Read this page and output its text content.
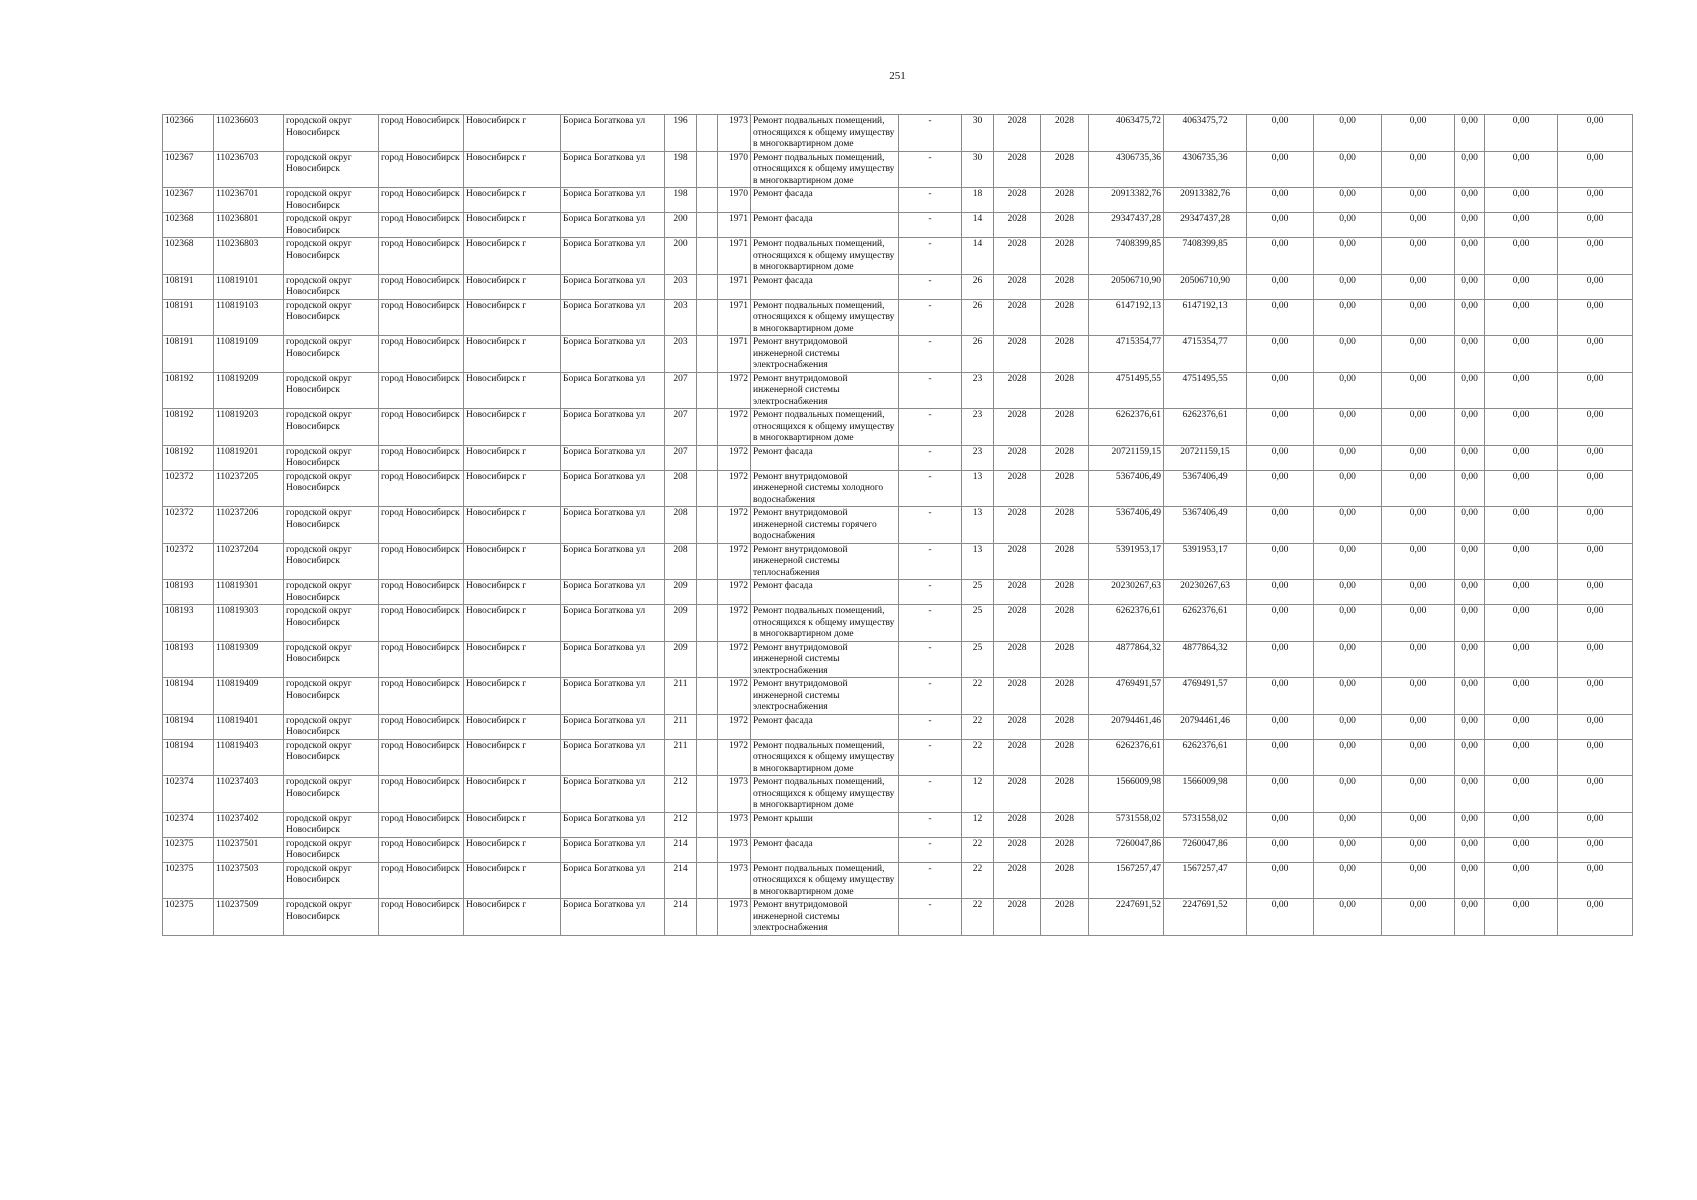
251
102366	110236603	городской округ Новосибирск	город Новосибирск	Новосибирск г	Бориса Богаткова ул	196		1973	Ремонт подвальных помещений, относящихся к общему имуществу в многоквартирном доме	-	30	2028	2028	4063475,72	4063475,72	0,00	0,00	0,00	0,00	0,00	0,00
102367	110236703	городской округ Новосибирск	город Новосибирск	Новосибирск г	Бориса Богаткова ул	198		1970	Ремонт подвальных помещений, относящихся к общему имуществу в многоквартирном доме	-	30	2028	2028	4306735,36	4306735,36	0,00	0,00	0,00	0,00	0,00	0,00
102367	110236701	городской округ Новосибирск	город Новосибирск	Новосибирск г	Бориса Богаткова ул	198		1970	Ремонт фасада	-	18	2028	2028	20913382,76	20913382,76	0,00	0,00	0,00	0,00	0,00	0,00
102368	110236801	городской округ Новосибирск	город Новосибирск	Новосибирск г	Бориса Богаткова ул	200		1971	Ремонт фасада	-	14	2028	2028	29347437,28	29347437,28	0,00	0,00	0,00	0,00	0,00	0,00
102368	110236803	городской округ Новосибирск	город Новосибирск	Новосибирск г	Бориса Богаткова ул	200		1971	Ремонт подвальных помещений, относящихся к общему имуществу в многоквартирном доме	-	14	2028	2028	7408399,85	7408399,85	0,00	0,00	0,00	0,00	0,00	0,00
108191	110819101	городской округ Новосибирск	город Новосибирск	Новосибирск г	Бориса Богаткова ул	203		1971	Ремонт фасада	-	26	2028	2028	20506710,90	20506710,90	0,00	0,00	0,00	0,00	0,00	0,00
108191	110819103	городской округ Новосибирск	город Новосибирск	Новосибирск г	Бориса Богаткова ул	203		1971	Ремонт подвальных помещений, относящихся к общему имуществу в многоквартирном доме	-	26	2028	2028	6147192,13	6147192,13	0,00	0,00	0,00	0,00	0,00	0,00
108191	110819109	городской округ Новосибирск	город Новосибирск	Новосибирск г	Бориса Богаткова ул	203		1971	Ремонт внутридомовой инженерной системы электроснабжения	-	26	2028	2028	4715354,77	4715354,77	0,00	0,00	0,00	0,00	0,00	0,00
108192	110819209	городской округ Новосибирск	город Новосибирск	Новосибирск г	Бориса Богаткова ул	207		1972	Ремонт внутридомовой инженерной системы электроснабжения	-	23	2028	2028	4751495,55	4751495,55	0,00	0,00	0,00	0,00	0,00	0,00
108192	110819203	городской округ Новосибирск	город Новосибирск	Новосибирск г	Бориса Богаткова ул	207		1972	Ремонт подвальных помещений, относящихся к общему имуществу в многоквартирном доме	-	23	2028	2028	6262376,61	6262376,61	0,00	0,00	0,00	0,00	0,00	0,00
108192	110819201	городской округ Новосибирск	город Новосибирск	Новосибирск г	Бориса Богаткова ул	207		1972	Ремонт фасада	-	23	2028	2028	20721159,15	20721159,15	0,00	0,00	0,00	0,00	0,00	0,00
102372	110237205	городской округ Новосибирск	город Новосибирск	Новосибирск г	Бориса Богаткова ул	208		1972	Ремонт внутридомовой инженерной системы холодного водоснабжения	-	13	2028	2028	5367406,49	5367406,49	0,00	0,00	0,00	0,00	0,00	0,00
102372	110237206	городской округ Новосибирск	город Новосибирск	Новосибирск г	Бориса Богаткова ул	208		1972	Ремонт внутридомовой инженерной системы горячего водоснабжения	-	13	2028	2028	5367406,49	5367406,49	0,00	0,00	0,00	0,00	0,00	0,00
102372	110237204	городской округ Новосибирск	город Новосибирск	Новосибирск г	Бориса Богаткова ул	208		1972	Ремонт внутридомовой инженерной системы теплоснабжения	-	13	2028	2028	5391953,17	5391953,17	0,00	0,00	0,00	0,00	0,00	0,00
108193	110819301	городской округ Новосибирск	город Новосибирск	Новосибирск г	Бориса Богаткова ул	209		1972	Ремонт фасада	-	25	2028	2028	20230267,63	20230267,63	0,00	0,00	0,00	0,00	0,00	0,00
108193	110819303	городской округ Новосибирск	город Новосибирск	Новосибирск г	Бориса Богаткова ул	209		1972	Ремонт подвальных помещений, относящихся к общему имуществу в многоквартирном доме	-	25	2028	2028	6262376,61	6262376,61	0,00	0,00	0,00	0,00	0,00	0,00
108193	110819309	городской округ Новосибирск	город Новосибирск	Новосибирск г	Бориса Богаткова ул	209		1972	Ремонт внутридомовой инженерной системы электроснабжения	-	25	2028	2028	4877864,32	4877864,32	0,00	0,00	0,00	0,00	0,00	0,00
108194	110819409	городской округ Новосибирск	город Новосибирск	Новосибирск г	Бориса Богаткова ул	211		1972	Ремонт внутридомовой инженерной системы электроснабжения	-	22	2028	2028	4769491,57	4769491,57	0,00	0,00	0,00	0,00	0,00	0,00
108194	110819401	городской округ Новосибирск	город Новосибирск	Новосибирск г	Бориса Богаткова ул	211		1972	Ремонт фасада	-	22	2028	2028	20794461,46	20794461,46	0,00	0,00	0,00	0,00	0,00	0,00
108194	110819403	городской округ Новосибирск	город Новосибирск	Новосибирск г	Бориса Богаткова ул	211		1972	Ремонт подвальных помещений, относящихся к общему имуществу в многоквартирном доме	-	22	2028	2028	6262376,61	6262376,61	0,00	0,00	0,00	0,00	0,00	0,00
102374	110237403	городской округ Новосибирск	город Новосибирск	Новосибирск г	Бориса Богаткова ул	212		1973	Ремонт подвальных помещений, относящихся к общему имуществу в многоквартирном доме	-	12	2028	2028	1566009,98	1566009,98	0,00	0,00	0,00	0,00	0,00	0,00
102374	110237402	городской округ Новосибирск	город Новосибирск	Новосибирск г	Бориса Богаткова ул	212		1973	Ремонт крыши	-	12	2028	2028	5731558,02	5731558,02	0,00	0,00	0,00	0,00	0,00	0,00
102375	110237501	городской округ Новосибирск	город Новосибирск	Новосибирск г	Бориса Богаткова ул	214		1973	Ремонт фасада	-	22	2028	2028	7260047,86	7260047,86	0,00	0,00	0,00	0,00	0,00	0,00
102375	110237503	городской округ Новосибирск	город Новосибирск	Новосибирск г	Бориса Богаткова ул	214		1973	Ремонт подвальных помещений, относящихся к общему имуществу в многоквартирном доме	-	22	2028	2028	1567257,47	1567257,47	0,00	0,00	0,00	0,00	0,00	0,00
102375	110237509	городской округ Новосибирск	город Новосибирск	Новосибирск г	Бориса Богаткова ул	214		1973	Ремонт внутридомовой инженерной системы электроснабжения	-	22	2028	2028	2247691,52	2247691,52	0,00	0,00	0,00	0,00	0,00	0,00
